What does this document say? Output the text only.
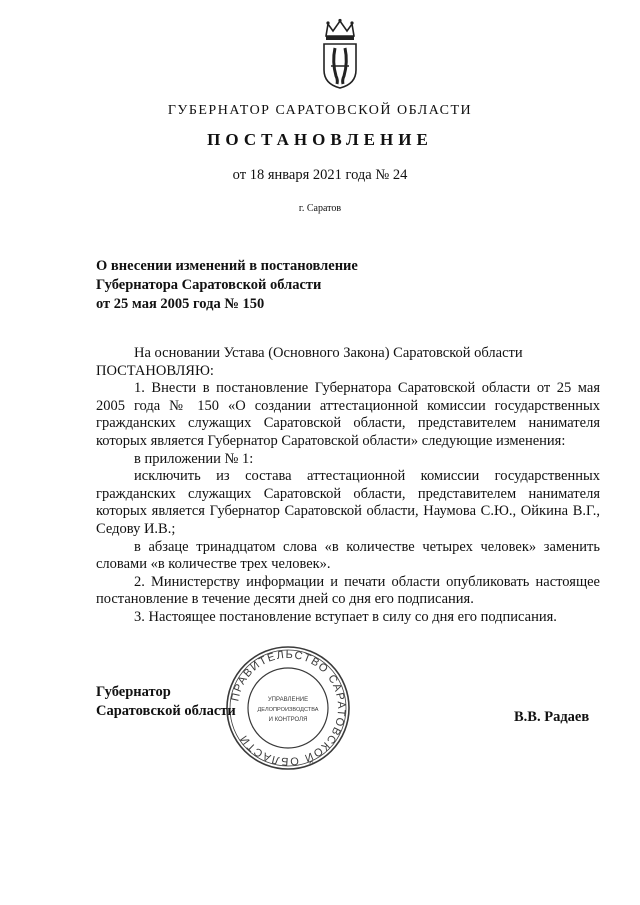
ГУБЕРНАТОР САРАТОВСКОЙ ОБЛАСТИ
ПОСТАНОВЛЕНИЕ
от 18 января 2021 года № 24
г. Саратов
О внесении изменений в постановление
Губернатора Саратовской области
от 25 мая 2005 года № 150

На основании Устава (Основного Закона) Саратовской области

ПОСТАНОВЛЯЮ:

1. Внести в постановление Губернатора Саратовской области от 25 мая 2005 года № 150 «О создании аттестационной комиссии государственных гражданских служащих Саратовской области, представителем нанимателя которых является Губернатор Саратовской области» следующие изменения:

в приложении № 1:

исключить из состава аттестационной комиссии государственных гражданских служащих Саратовской области, представителем нанимателя которых является Губернатор Саратовской области, Наумова С.Ю., Ойкина В.Г., Седову И.В.;

в абзаце тринадцатом слова «в количестве четырех человек» заменить словами «в количестве трех человек».

2. Министерству информации и печати области опубликовать настоящее постановление в течение десяти дней со дня его подписания.

3. Настоящее постановление вступает в силу со дня его подписания.

ПРАВИТЕЛЬСТВО САРАТОВСКОЙ ОБЛАСТИ
УПРАВЛЕНИЕ
ДЕЛОПРОИЗВОДСТВА
И КОНТРОЛЯ
Губернатор
Саратовской области	В.В. Радаев
